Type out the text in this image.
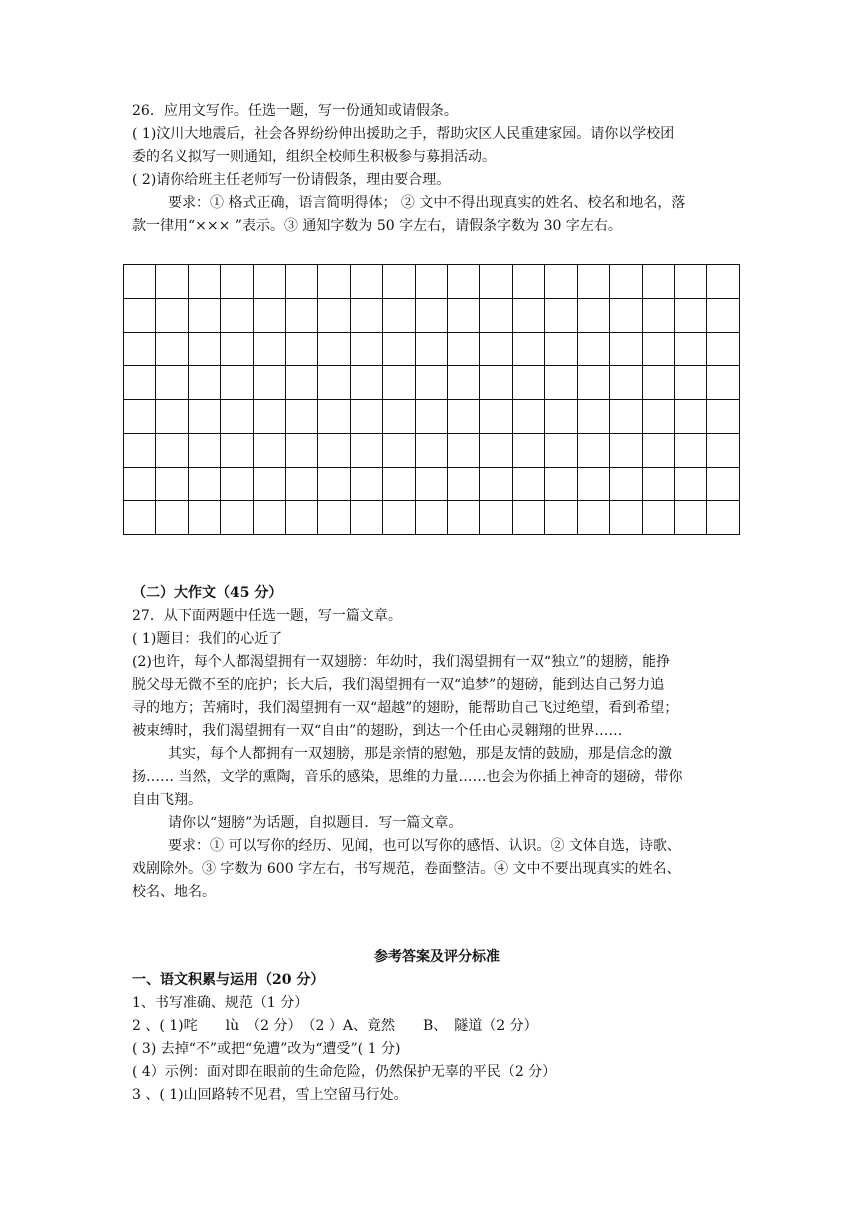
26．应用文写作。任选一题，写一份通知或请假条。
( 1)汶川大地震后，社会各界纷纷伸出援助之手，帮助灾区人民重建家园。请你以学校团
委的名义拟写一则通知，组织全校师生积极参与募捐活动。
( 2)请你给班主任老师写一份请假条，理由要合理。
要求：① 格式正确，语言简明得体； ② 文中不得出现真实的姓名、校名和地名，落
款一律用“××× ”表示。③ 通知字数为 50 字左右，请假条字数为 30 字左右。

（二）大作文（45 分）
27．从下面两题中任选一题，写一篇文章。
( 1)题目：我们的心近了
(2)也许，每个人都渴望拥有一双翅膀：年幼时，我们渴望拥有一双“独立”的翅膀，能挣
脱父母无微不至的庇护；长大后，我们渴望拥有一双“追梦”的翅磅，能到达自己努力追
寻的地方；苦痛时，我们渴望拥有一双“超越”的翅盼，能帮助自己飞过绝望，看到希望；
被束缚时，我们渴望拥有一双“自由”的翅盼，到达一个任由心灵翱翔的世界……
其实，每个人都拥有一双翅膀，那是亲情的慰勉，那是友情的鼓励，那是信念的激
扬…… 当然，文学的熏陶，音乐的感染，思维的力量……也会为你插上神奇的翅磅，带你
自由飞翔。
请你以“翅膀”为话题，自拟题目．写一篇文章。
要求：① 可以写你的经历、见闻，也可以写你的感悟、认识。② 文体自选，诗歌、
戏剧除外。③ 字数为 600 字左右，书写规范，卷面整洁。④ 文中不要出现真实的姓名、
校名、地名。
参考答案及评分标准
一、语文积累与运用（20 分）
1、书写准确、规范（1 分）
2 、( 1)咤　　lù　（2 分）　（2 ）A、竟然　　B、　隧道（2 分）
( 3) 去掉“不”或把“免遭”改为“遭受”( 1 分)
( 4）示例：面对即在眼前的生命危险，仍然保护无辜的平民（2 分）
3 、( 1)山回路转不见君，雪上空留马行处。
